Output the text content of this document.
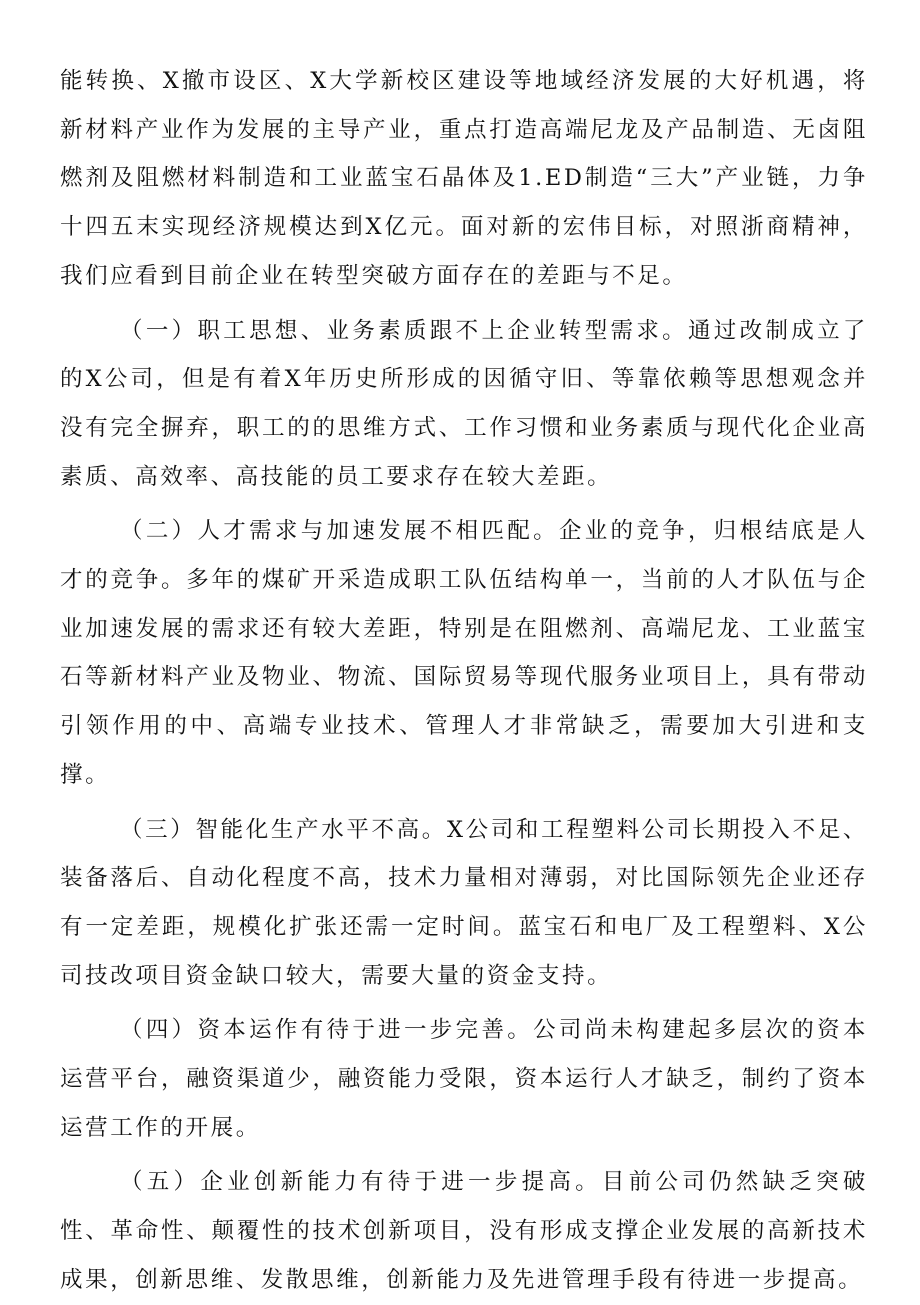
能转换、X撤市设区、X大学新校区建设等地域经济发展的大好机遇，将新材料产业作为发展的主导产业，重点打造高端尼龙及产品制造、无卤阻燃剂及阻燃材料制造和工业蓝宝石晶体及1.ED制造“三大”产业链，力争十四五末实现经济规模达到X亿元。面对新的宏伟目标，对照浙商精神，我们应看到目前企业在转型突破方面存在的差距与不足。

（一）职工思想、业务素质跟不上企业转型需求。通过改制成立了的X公司，但是有着X年历史所形成的因循守旧、等靠依赖等思想观念并没有完全摒弃，职工的的思维方式、工作习惯和业务素质与现代化企业高素质、高效率、高技能的员工要求存在较大差距。

（二）人才需求与加速发展不相匹配。企业的竞争，归根结底是人才的竞争。多年的煤矿开采造成职工队伍结构单一，当前的人才队伍与企业加速发展的需求还有较大差距，特别是在阻燃剂、高端尼龙、工业蓝宝石等新材料产业及物业、物流、国际贸易等现代服务业项目上，具有带动引领作用的中、高端专业技术、管理人才非常缺乏，需要加大引进和支撑。

（三）智能化生产水平不高。X公司和工程塑料公司长期投入不足、装备落后、自动化程度不高，技术力量相对薄弱，对比国际领先企业还存有一定差距，规模化扩张还需一定时间。蓝宝石和电厂及工程塑料、X公司技改项目资金缺口较大，需要大量的资金支持。

（四）资本运作有待于进一步完善。公司尚未构建起多层次的资本运营平台，融资渠道少，融资能力受限，资本运行人才缺乏，制约了资本运营工作的开展。

（五）企业创新能力有待于进一步提高。目前公司仍然缺乏突破性、革命性、颠覆性的技术创新项目，没有形成支撑企业发展的高新技术成果，创新思维、发散思维，创新能力及先进管理手段有待进一步提高。
